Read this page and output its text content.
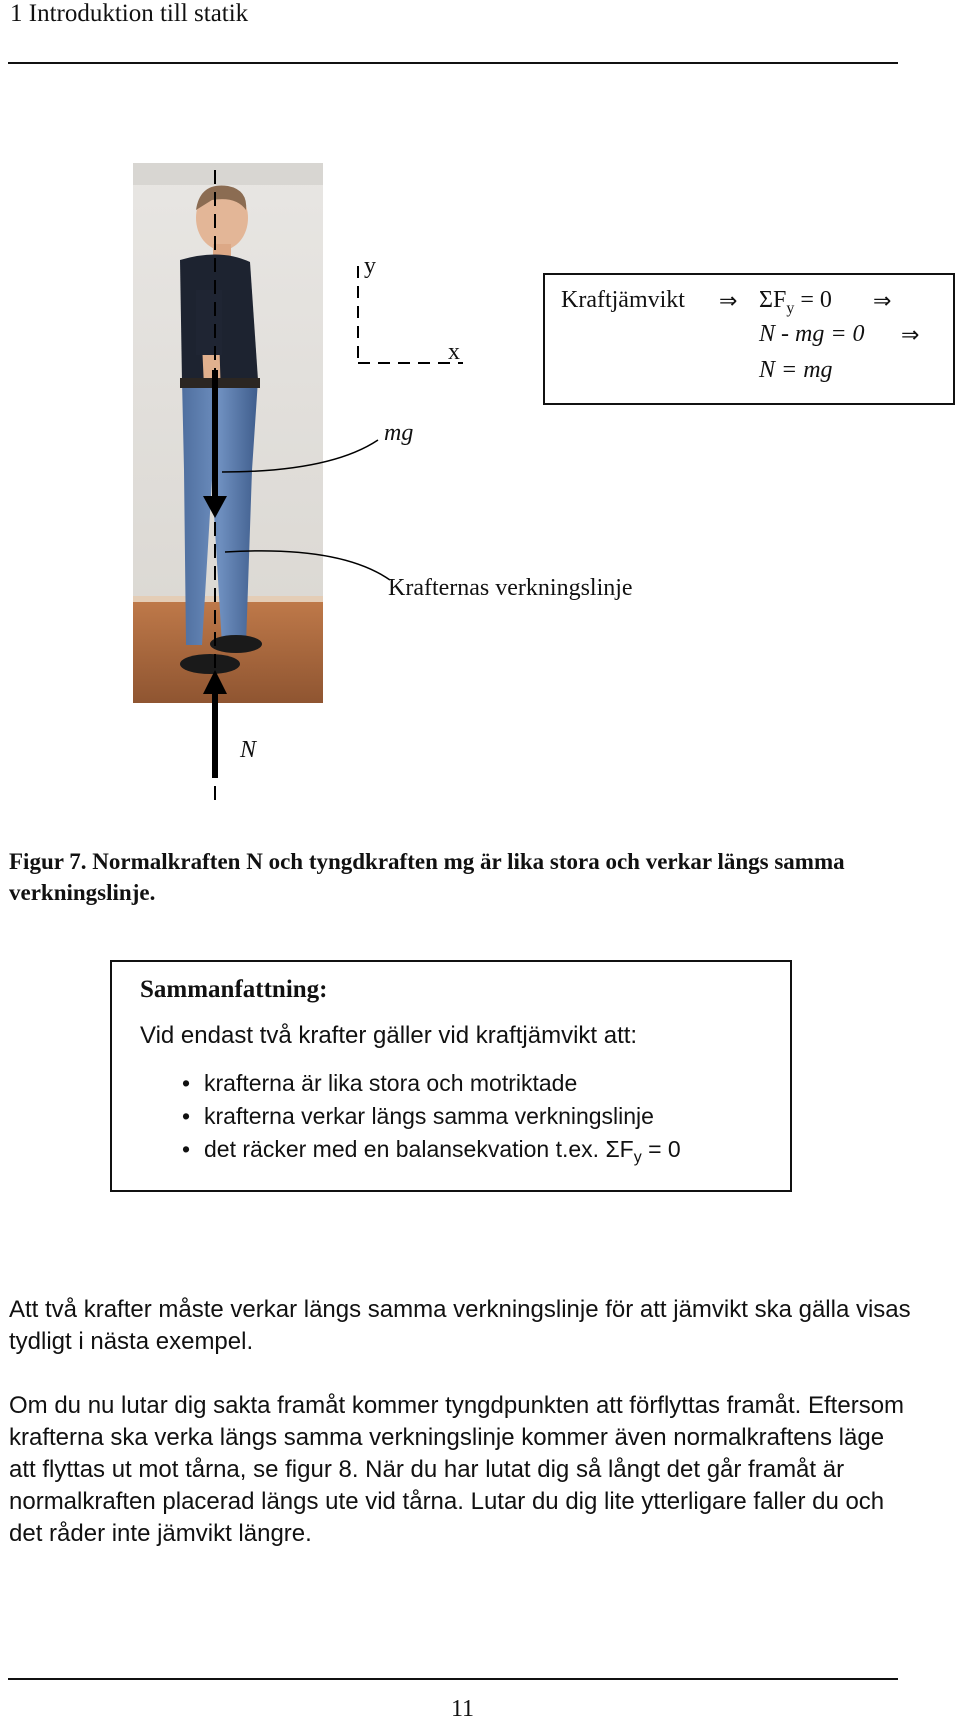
1 Introduktion till statik
y
x
mg
Krafternas verkningslinje
N
Kraftjämvikt ⇒ $\Sigma F_y = 0$ ⇒
N - mg = 0 ⇒
N = mg
Figur 7. Normalkraften N och tyngdkraften mg är lika stora och verkar längs samma verkningslinje.
Sammanfattning:
Vid endast två krafter gäller vid kraftjämvikt att:
• krafterna är lika stora och motriktade
• krafterna verkar längs samma verkningslinje
• det räcker med en balansekvation t.ex. $\Sigma F_y = 0$
Att två krafter måste verkar längs samma verkningslinje för att jämvikt ska gälla visas tydligt i nästa exempel.
Om du nu lutar dig sakta framåt kommer tyngdpunkten att förflyttas framåt. Eftersom krafterna ska verka längs samma verkningslinje kommer även normalkraftens läge att flyttas ut mot tårna, se figur 8. När du har lutat dig så långt det går framåt är normalkraften placerad längs ute vid tårna. Lutar du dig lite ytterligare faller du och det råder inte jämvikt längre.
11
